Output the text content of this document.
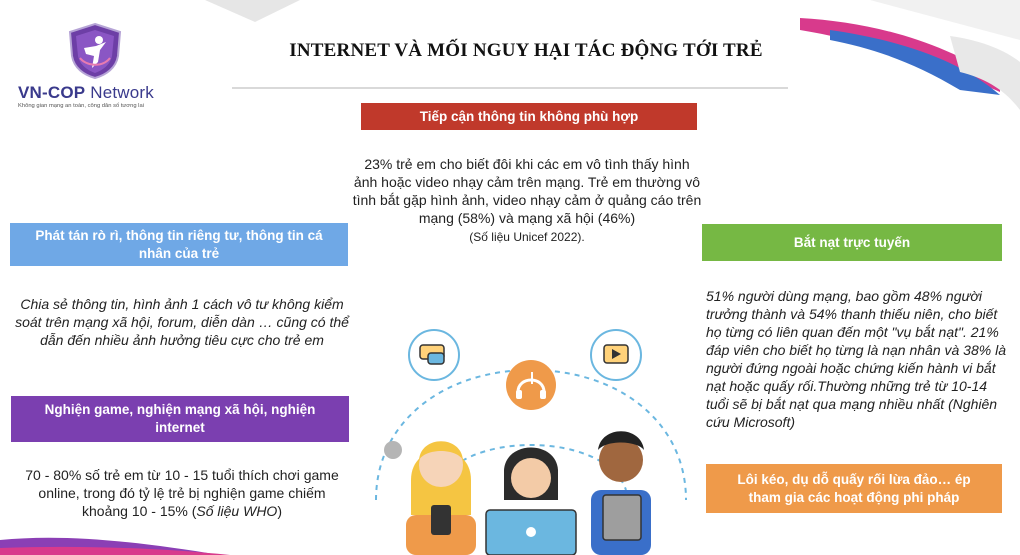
VN-COP Network
Không gian mạng an toàn, công dân số tương lai
INTERNET VÀ MỐI NGUY HẠI TÁC ĐỘNG TỚI TRẺ
Tiếp cận thông tin không phù hợp
23% trẻ em cho biết đôi khi các em vô tình thấy hình ảnh hoặc video nhạy cảm trên mạng. Trẻ em thường vô tình bắt gặp hình ảnh, video nhạy cảm ở quảng cáo trên mạng (58%) và mạng xã hội (46%)
(Số liệu Unicef 2022).
Phát tán rò rì, thông tin riêng tư, thông tin cá nhân của trẻ
Chia sẻ thông tin, hình ảnh 1 cách vô tư không kiểm soát trên mạng xã hội, forum, diễn dàn … cũng có thể dẫn đến nhiều ảnh hưởng tiêu cực cho trẻ em
Nghiện game, nghiện mạng xã hội, nghiện internet
70 - 80% số trẻ em từ 10 - 15 tuổi thích chơi game online, trong đó tỷ lệ trẻ bị nghiện game chiếm khoảng 10 - 15% (Số liệu WHO)
Bắt nạt trực tuyến
51% người dùng mạng, bao gồm 48% người trưởng thành và 54% thanh thiếu niên, cho biết họ từng có liên quan đến một "vụ bắt nạt". 21% đáp viên cho biết họ từng là nạn nhân và 38% là người đứng ngoài hoặc chứng kiến hành vi bắt nạt hoặc quấy rối.Thường những trẻ từ 10-14 tuổi sẽ bị bắt nạt qua mạng nhiều nhất (Nghiên cứu Microsoft)
Lôi kéo, dụ dỗ quấy rối lừa đảo… ép tham gia các hoạt động phi pháp
